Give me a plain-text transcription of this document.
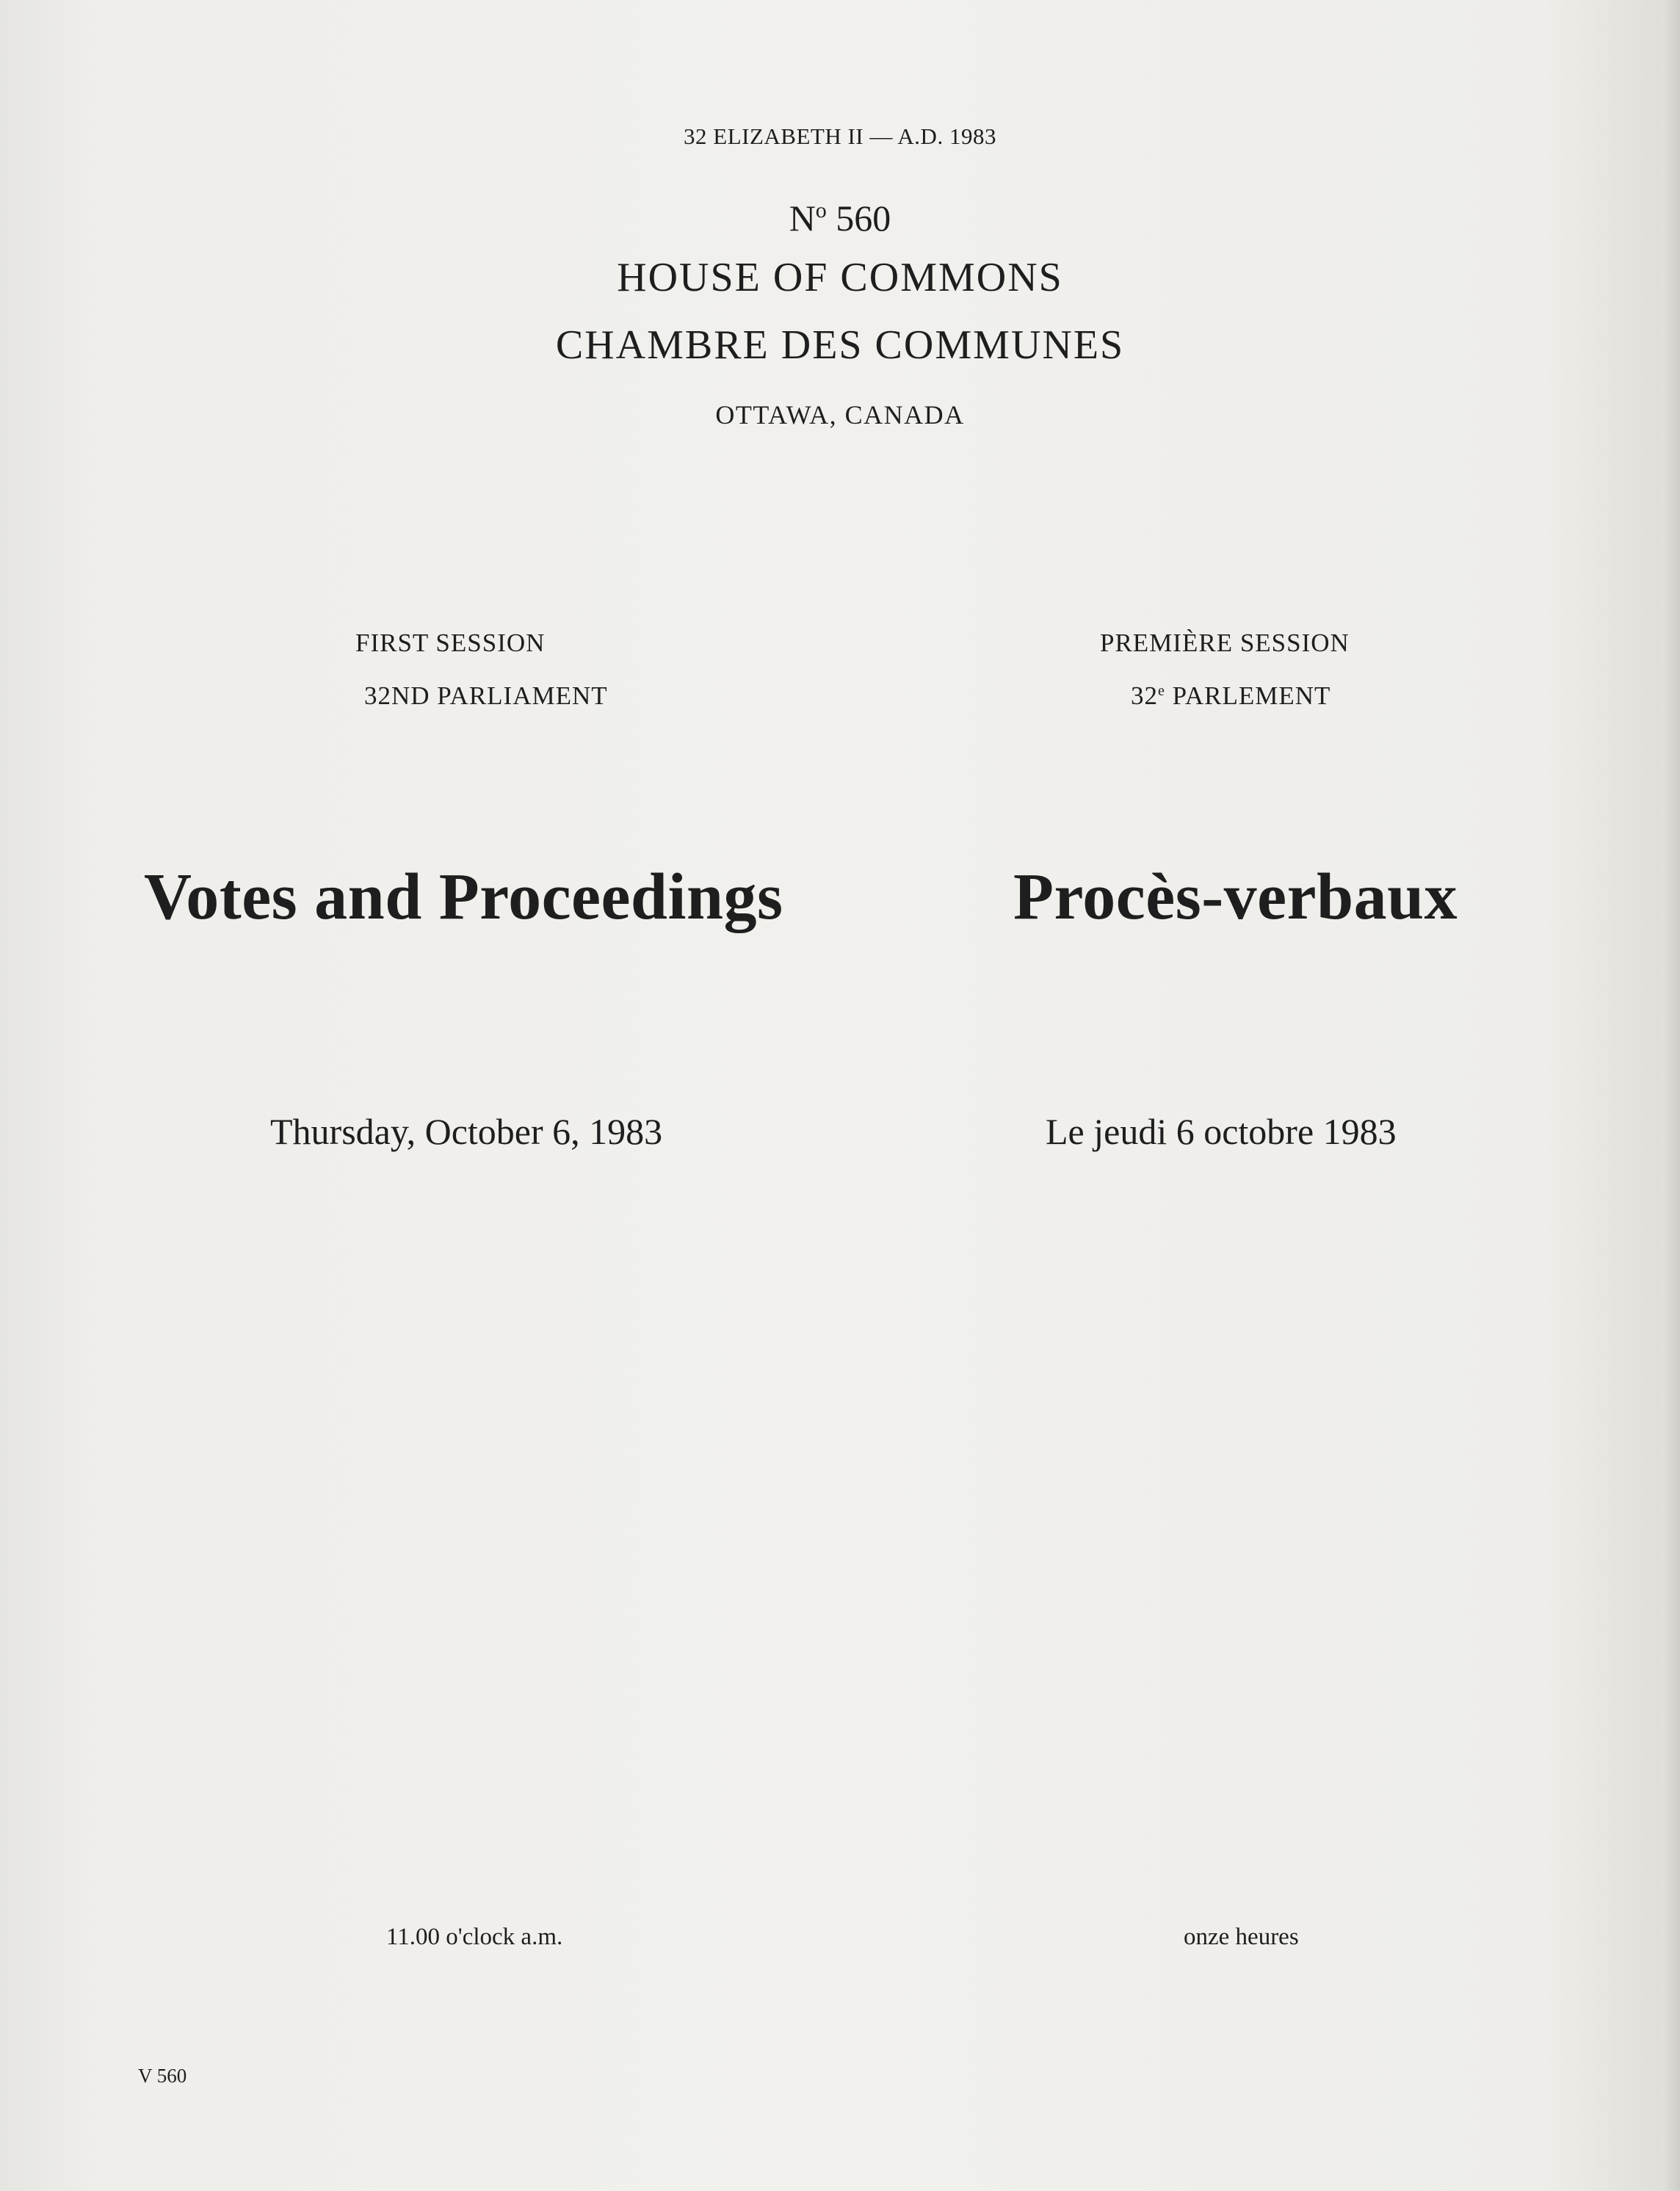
32 ELIZABETH II — A.D. 1983
$N^o$ 560
HOUSE OF COMMONS
CHAMBRE DES COMMUNES
OTTAWA, CANADA
FIRST SESSION	PREMIÈRE SESSION
32ND PARLIAMENT	32e PARLEMENT
Votes and Proceedings	Procès-verbaux
Thursday, October 6, 1983	Le jeudi 6 octobre 1983
11.00 o'clock a.m.	onze heures
V 560
